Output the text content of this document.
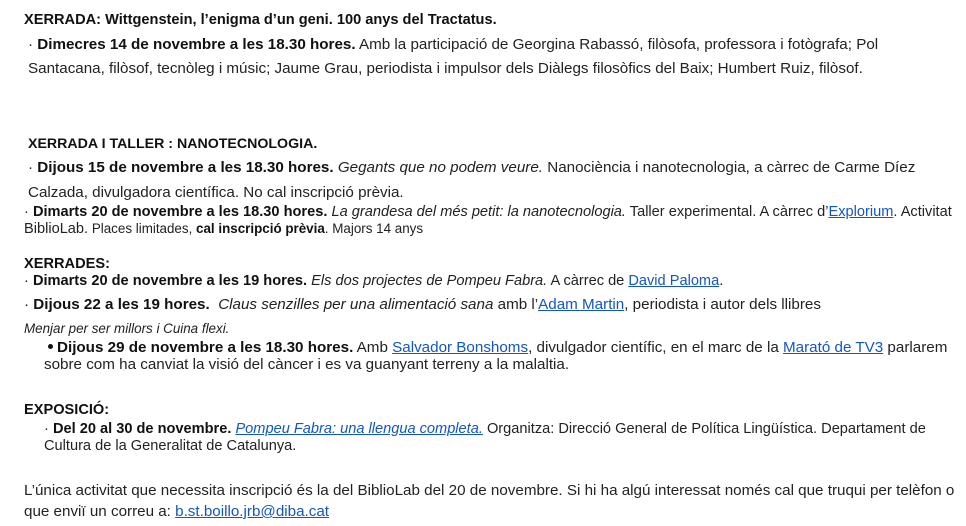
XERRADA: Wittgenstein, l’enigma d’un geni. 100 anys del Tractatus.

· Dimecres 14 de novembre a les 18.30 hores. Amb la participació de Georgina Rabassó, filòsofa, professora i fotògrafa; Pol Santacana, filòsof, tecnòleg i músic; Jaume Grau, periodista i impulsor dels Diàlegs filosòfics del Baix; Humbert Ruiz, filòsof.

XERRADA I TALLER : NANOTECNOLOGIA.

· Dijous 15 de novembre a les 18.30 hores. Gegants que no podem veure. Nanociència i nanotecnologia, a càrrec de Carme Díez Calzada, divulgadora científica. No cal inscripció prèvia.

· Dimarts 20 de novembre a les 18.30 hores. La grandesa del més petit: la nanotecnologia. Taller experimental. A càrrec d’Explorium. Activitat BiblioLab. Places limitades, cal inscripció prèvia. Majors 14 anys

XERRADES:

· Dimarts 20 de novembre a les 19 hores. Els dos projectes de Pompeu Fabra. A càrrec de David Paloma.

· Dijous 22 a les 19 hores. Claus senzilles per una alimentació sana amb l’Adam Martin, periodista i autor dels llibres

Menjar per ser millors i Cuina flexi.

Dijous 29 de novembre a les 18.30 hores. Amb Salvador Bonshoms, divulgador científic, en el marc de la Marató de TV3 parlarem sobre com ha canviat la visió del càncer i es va guanyant terreny a la malaltia.

EXPOSICIÓ:

· Del 20 al 30 de novembre. Pompeu Fabra: una llengua completa. Organitza: Direcció General de Política Lingüística. Departament de Cultura de la Generalitat de Catalunya.

L’única activitat que necessita inscripció és la del BiblioLab del 20 de novembre. Si hi ha algú interessat només cal que truqui per telèfon o que enviï un correu a: b.st.boillo.jrb@diba.cat
